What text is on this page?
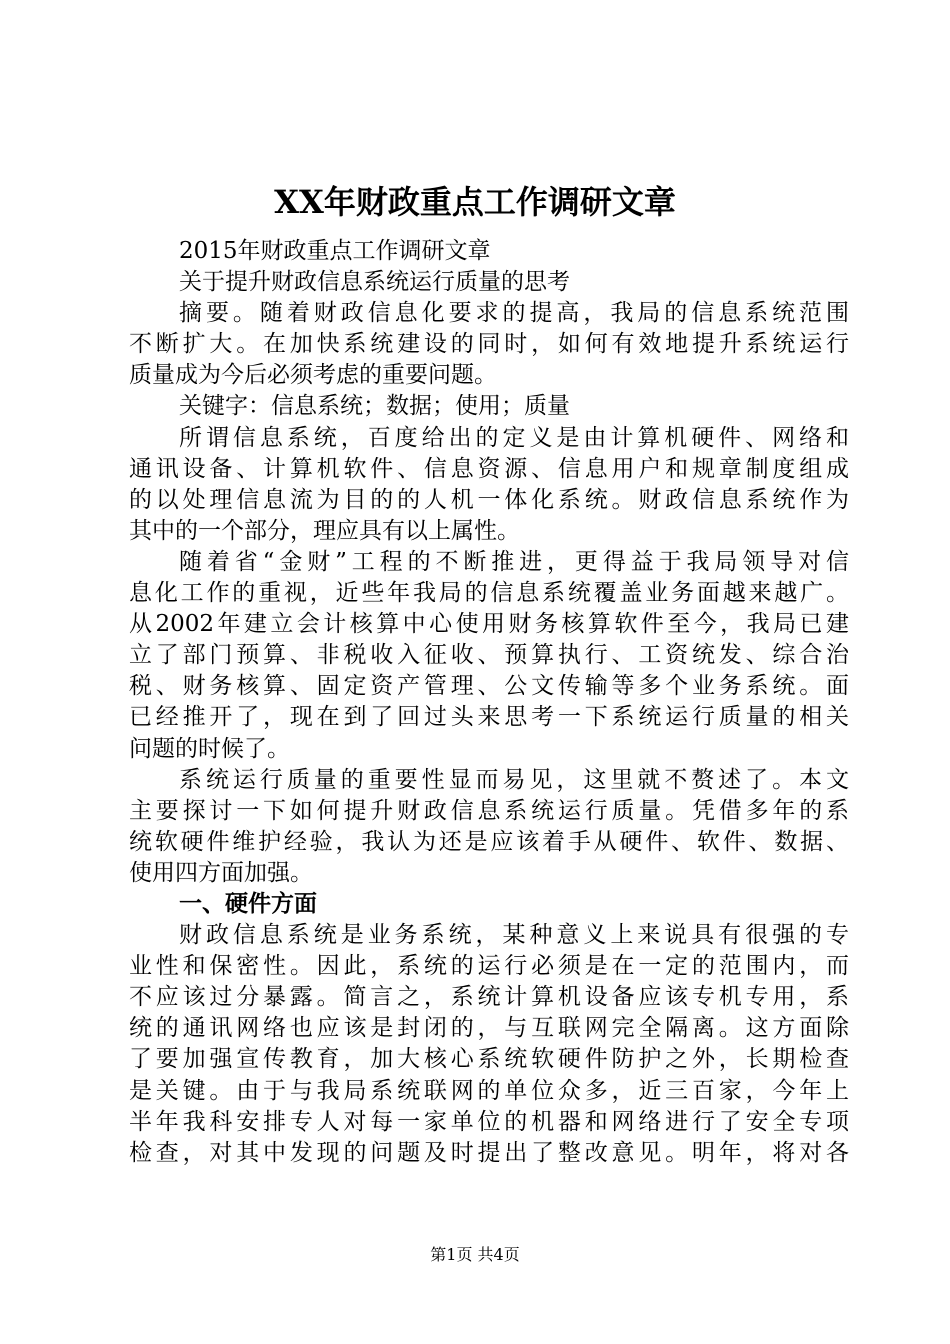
XX年财政重点工作调研文章
2015年财政重点工作调研文章
关于提升财政信息系统运行质量的思考
摘要。随着财政信息化要求的提高，我局的信息系统范围
不断扩大。在加快系统建设的同时，如何有效地提升系统运行
质量成为今后必须考虑的重要问题。
关键字：信息系统；数据；使用；质量
所谓信息系统，百度给出的定义是由计算机硬件、网络和
通讯设备、计算机软件、信息资源、信息用户和规章制度组成
的以处理信息流为目的的人机一体化系统。财政信息系统作为
其中的一个部分，理应具有以上属性。
随着省“金财”工程的不断推进，更得益于我局领导对信
息化工作的重视，近些年我局的信息系统覆盖业务面越来越广。
从2002年建立会计核算中心使用财务核算软件至今，我局已建
立了部门预算、非税收入征收、预算执行、工资统发、综合治
税、财务核算、固定资产管理、公文传输等多个业务系统。面
已经推开了，现在到了回过头来思考一下系统运行质量的相关
问题的时候了。
系统运行质量的重要性显而易见，这里就不赘述了。本文
主要探讨一下如何提升财政信息系统运行质量。凭借多年的系
统软硬件维护经验，我认为还是应该着手从硬件、软件、数据、
使用四方面加强。
一、硬件方面
财政信息系统是业务系统，某种意义上来说具有很强的专
业性和保密性。因此，系统的运行必须是在一定的范围内，而
不应该过分暴露。简言之，系统计算机设备应该专机专用，系
统的通讯网络也应该是封闭的，与互联网完全隔离。这方面除
了要加强宣传教育，加大核心系统软硬件防护之外，长期检查
是关键。由于与我局系统联网的单位众多，近三百家，今年上
半年我科安排专人对每一家单位的机器和网络进行了安全专项
检查，对其中发现的问题及时提出了整改意见。明年，将对各
第1页 共4页
